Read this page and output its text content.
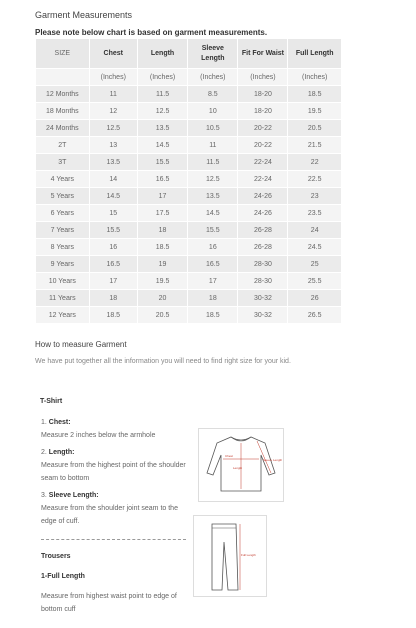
Garment Measurements
Please note below chart is based on garment measurements.
SIZE	Chest	Length	Sleeve Length	Fit For Waist	Full Length
	(Inches)	(Inches)	(Inches)	(Inches)	(Inches)
12 Months	11	11.5	8.5	18-20	18.5
18 Months	12	12.5	10	18-20	19.5
24 Months	12.5	13.5	10.5	20-22	20.5
2T	13	14.5	11	20-22	21.5
3T	13.5	15.5	11.5	22-24	22
4 Years	14	16.5	12.5	22-24	22.5
5 Years	14.5	17	13.5	24-26	23
6 Years	15	17.5	14.5	24-26	23.5
7 Years	15.5	18	15.5	26-28	24
8 Years	16	18.5	16	26-28	24.5
9 Years	16.5	19	16.5	28-30	25
10 Years	17	19.5	17	28-30	25.5
11 Years	18	20	18	30-32	26
12 Years	18.5	20.5	18.5	30-32	26.5
How to measure Garment
We have put together all the information you will need to find right size for your kid.
T-Shirt
1. Chest:
Measure 2 inches below the armhole
2. Length:
Measure from the highest point of the shoulder seam to bottom
3. Sleeve Length:
Measure from the shoulder joint seam to the edge of cuff.
Chest
Length
Sleeve Length
Trousers
1-Full Length
Measure from highest waist point to edge of bottom cuff
Full Length
